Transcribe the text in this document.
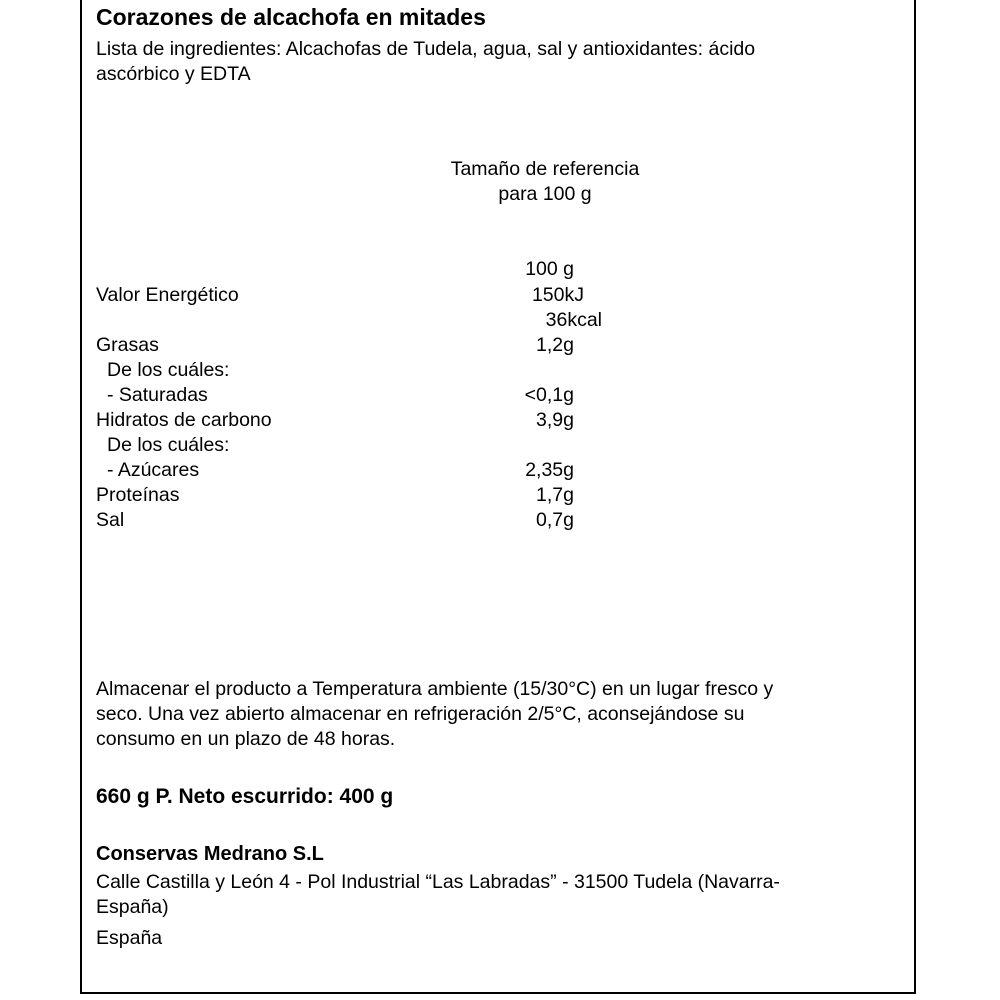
Corazones de alcachofa en mitades
Lista de ingredientes: Alcachofas de Tudela, agua, sal y antioxidantes: ácido
ascórbico y EDTA
Tamaño de referencia
para 100 g
100 g
Valor Energético	150kJ
36kcal
Grasas	1,2g
De los cuáles:
- Saturadas	<0,1g
Hidratos de carbono	3,9g
De los cuáles:
- Azúcares	2,35g
Proteínas	1,7g
Sal	0,7g
Almacenar el producto a Temperatura ambiente (15/30°C) en un lugar fresco y
seco. Una vez abierto almacenar en refrigeración 2/5°C, aconsejándose su
consumo en un plazo de 48 horas.
660 g P. Neto escurrido: 400 g
Conservas Medrano S.L
Calle Castilla y León 4 - Pol Industrial “Las Labradas” - 31500 Tudela (Navarra-
España)
España
